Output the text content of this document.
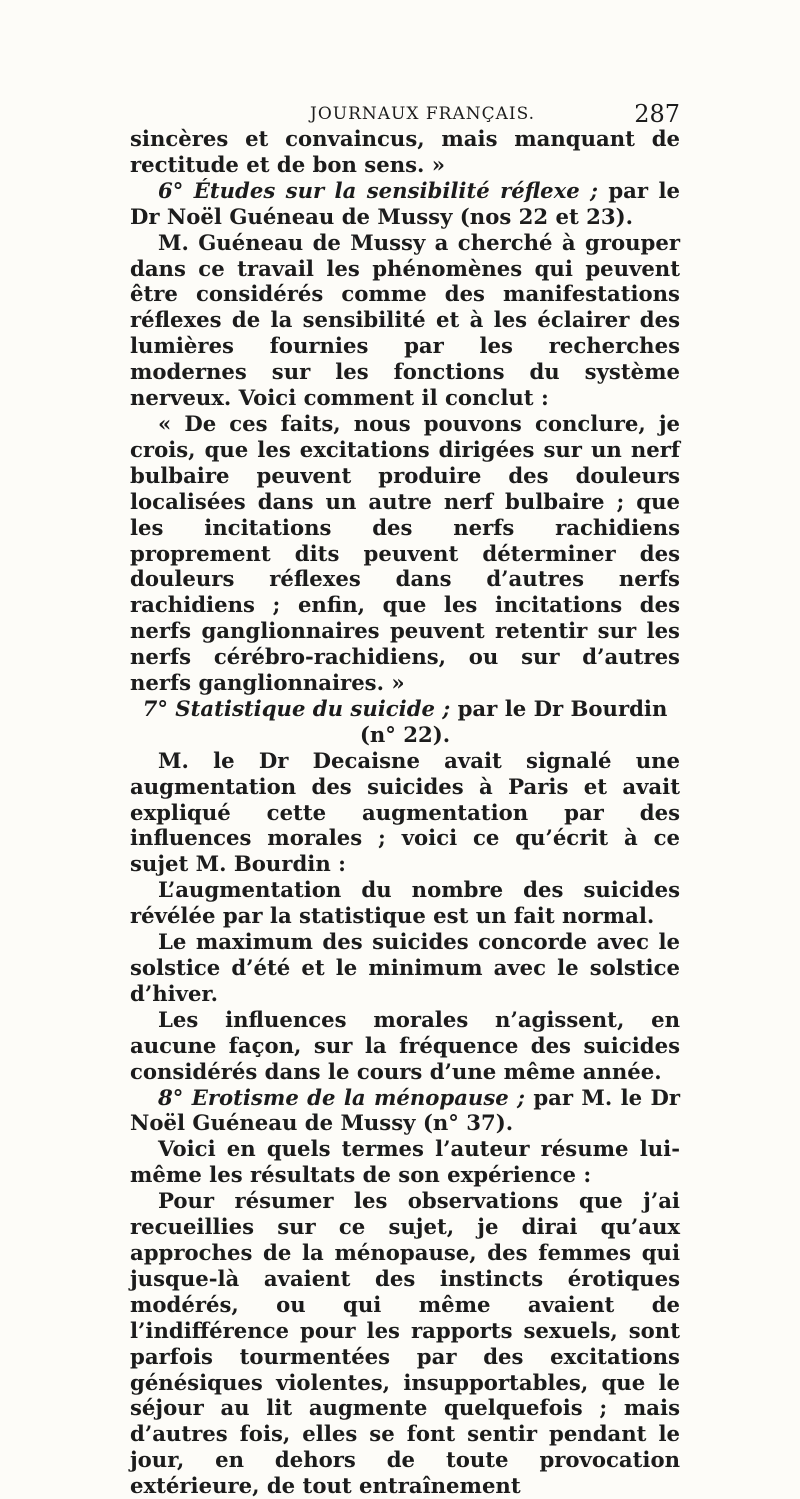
JOURNAUX FRANÇAIS.	287

sincères et convaincus, mais manquant de rectitude et de bon sens. »

6° Études sur la sensibilité réflexe ; par le Dr Noël Guéneau de Mussy (nos 22 et 23).

M. Guéneau de Mussy a cherché à grouper dans ce travail les phénomènes qui peuvent être considérés comme des manifestations réflexes de la sensibilité et à les éclairer des lumières fournies par les recherches modernes sur les fonctions du système nerveux. Voici comment il conclut :

« De ces faits, nous pouvons conclure, je crois, que les excitations dirigées sur un nerf bulbaire peuvent produire des douleurs localisées dans un autre nerf bulbaire ; que les incitations des nerfs rachidiens proprement dits peuvent déterminer des douleurs réflexes dans d’autres nerfs rachidiens ; enfin, que les incitations des nerfs ganglionnaires peuvent retentir sur les nerfs cérébro-rachidiens, ou sur d’autres nerfs ganglionnaires. »

7° Statistique du suicide ; par le Dr Bourdin (n° 22).

M. le Dr Decaisne avait signalé une augmentation des suicides à Paris et avait expliqué cette augmentation par des influences morales ; voici ce qu’écrit à ce sujet M. Bourdin :

L’augmentation du nombre des suicides révélée par la statistique est un fait normal.

Le maximum des suicides concorde avec le solstice d’été et le minimum avec le solstice d’hiver.

Les influences morales n’agissent, en aucune façon, sur la fréquence des suicides considérés dans le cours d’une même année.

8° Erotisme de la ménopause ; par M. le Dr Noël Guéneau de Mussy (n° 37).

Voici en quels termes l’auteur résume lui-même les résultats de son expérience :

Pour résumer les observations que j’ai recueillies sur ce sujet, je dirai qu’aux approches de la ménopause, des femmes qui jusque-là avaient des instincts érotiques modérés, ou qui même avaient de l’indifférence pour les rapports sexuels, sont parfois tourmentées par des excitations génésiques violentes, insupportables, que le séjour au lit augmente quelquefois ; mais d’autres fois, elles se font sentir pendant le jour, en dehors de toute provocation extérieure, de tout entraînement
